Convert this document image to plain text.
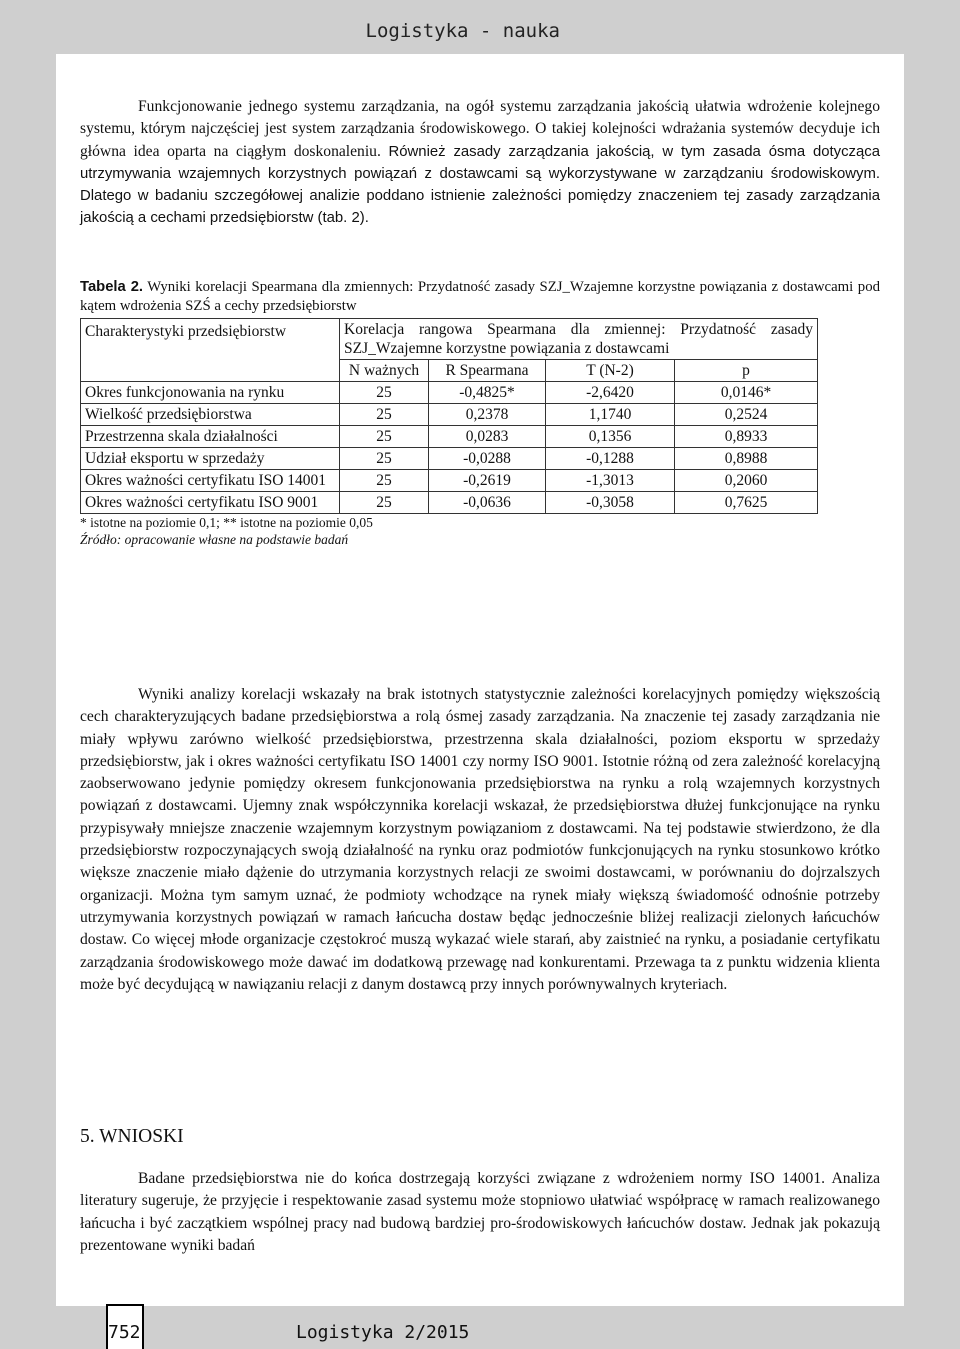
Logistyka - nauka

Funkcjonowanie jednego systemu zarządzania, na ogół systemu zarządzania jakością ułatwia wdrożenie kolejnego systemu, którym najczęściej jest system zarządzania środowiskowego. O takiej kolejności wdrażania systemów decyduje ich główna idea oparta na ciągłym doskonaleniu. Również zasady zarządzania jakością, w tym zasada ósma dotycząca utrzymywania wzajemnych korzystnych powiązań z dostawcami są wykorzystywane w zarządzaniu środowiskowym. Dlatego w badaniu szczegółowej analizie poddano istnienie zależności pomiędzy znaczeniem tej zasady zarządzania jakością a cechami przedsiębiorstw (tab. 2).

Tabela 2. Wyniki korelacji Spearmana dla zmiennych: Przydatność zasady SZJ_Wzajemne korzystne powiązania z dostawcami pod kątem wdrożenia SZŚ a cechy przedsiębiorstw
Charakterystyki przedsiębiorstw	Korelacja rangowa Spearmana dla zmiennej: Przydatność zasady SZJ_Wzajemne korzystne powiązania z dostawcami			
	N ważnych	R Spearmana	T (N-2)	p
Okres funkcjonowania na rynku	25	-0,4825*	-2,6420	0,0146*
Wielkość przedsiębiorstwa	25	0,2378	1,1740	0,2524
Przestrzenna skala działalności	25	0,0283	0,1356	0,8933
Udział eksportu w sprzedaży	25	-0,0288	-0,1288	0,8988
Okres ważności certyfikatu ISO 14001	25	-0,2619	-1,3013	0,2060
Okres ważności certyfikatu ISO 9001	25	-0,0636	-0,3058	0,7625
* istotne na poziomie 0,1; ** istotne na poziomie 0,05
Źródło: opracowanie własne na podstawie badań

Wyniki analizy korelacji wskazały na brak istotnych statystycznie zależności korelacyjnych pomiędzy większością cech charakteryzujących badane przedsiębiorstwa a rolą ósmej zasady zarządzania. Na znaczenie tej zasady zarządzania nie miały wpływu zarówno wielkość przedsiębiorstwa, przestrzenna skala działalności, poziom eksportu w sprzedaży przedsiębiorstw, jak i okres ważności certyfikatu ISO 14001 czy normy ISO 9001. Istotnie różną od zera zależność korelacyjną zaobserwowano jedynie pomiędzy okresem funkcjonowania przedsiębiorstwa na rynku a rolą wzajemnych korzystnych powiązań z dostawcami. Ujemny znak współczynnika korelacji wskazał, że przedsiębiorstwa dłużej funkcjonujące na rynku przypisywały mniejsze znaczenie wzajemnym korzystnym powiązaniom z dostawcami. Na tej podstawie stwierdzono, że dla przedsiębiorstw rozpoczynających swoją działalność na rynku oraz podmiotów funkcjonujących na rynku stosunkowo krótko większe znaczenie miało dążenie do utrzymania korzystnych relacji ze swoimi dostawcami, w porównaniu do dojrzalszych organizacji. Można tym samym uznać, że podmioty wchodzące na rynek miały większą świadomość odnośnie potrzeby utrzymywania korzystnych powiązań w ramach łańcucha dostaw będąc jednocześnie bliżej realizacji zielonych łańcuchów dostaw. Co więcej młode organizacje częstokroć muszą wykazać wiele starań, aby zaistnieć na rynku, a posiadanie certyfikatu zarządzania środowiskowego może dawać im dodatkową przewagę nad konkurentami. Przewaga ta z punktu widzenia klienta może być decydującą w nawiązaniu relacji z danym dostawcą przy innych porównywalnych kryteriach.

5. WNIOSKI

Badane przedsiębiorstwa nie do końca dostrzegają korzyści związane z wdrożeniem normy ISO 14001. Analiza literatury sugeruje, że przyjęcie i respektowanie zasad systemu może stopniowo ułatwiać współpracę w ramach realizowanego łańcucha i być zaczątkiem wspólnej pracy nad budową bardziej pro-środowiskowych łańcuchów dostaw. Jednak jak pokazują prezentowane wyniki badań

752	Logistyka 2/2015
